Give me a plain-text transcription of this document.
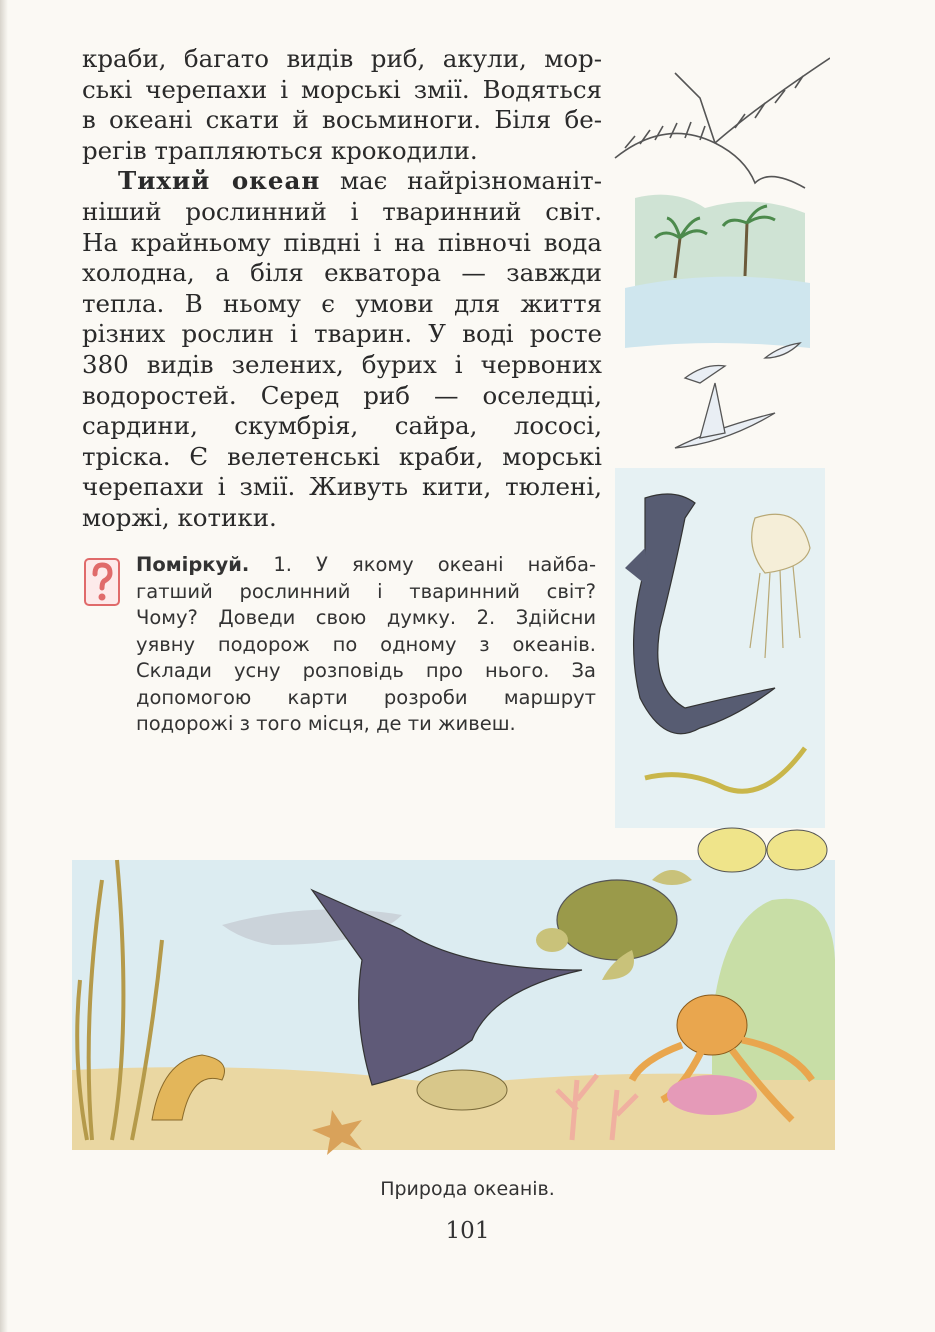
краби, багато видів риб, акули, мор-
ські черепахи і морські змії. Водяться
в океані скати й восьминоги. Біля бе-
регів трапляються крокодили.

Тихий океан має найрізноманіт-
ніший рослинний і тваринний світ.
На крайньому півдні і на півночі вода
холодна, а біля екватора — завжди
тепла. В ньому є умови для життя
різних рослин і тварин. У воді росте
380 видів зелених, бурих і червоних
водоростей. Серед риб — оселедці,
сардини, скумбрія, сайра, лососі,
тріска. Є велетенські краби, морські
черепахи і змії. Живуть кити, тюлені,
моржі, котики.

Поміркуй. 1. У якому океані найба-
гатший рослинний і тваринний світ?
Чому? Доведи свою думку. 2. Здійсни
уявну подорож по одному з океанів.
Склади усну розповідь про нього. За
допомогою карти розроби маршрут
подорожі з того місця, де ти живеш.
Природа океанів.
101
